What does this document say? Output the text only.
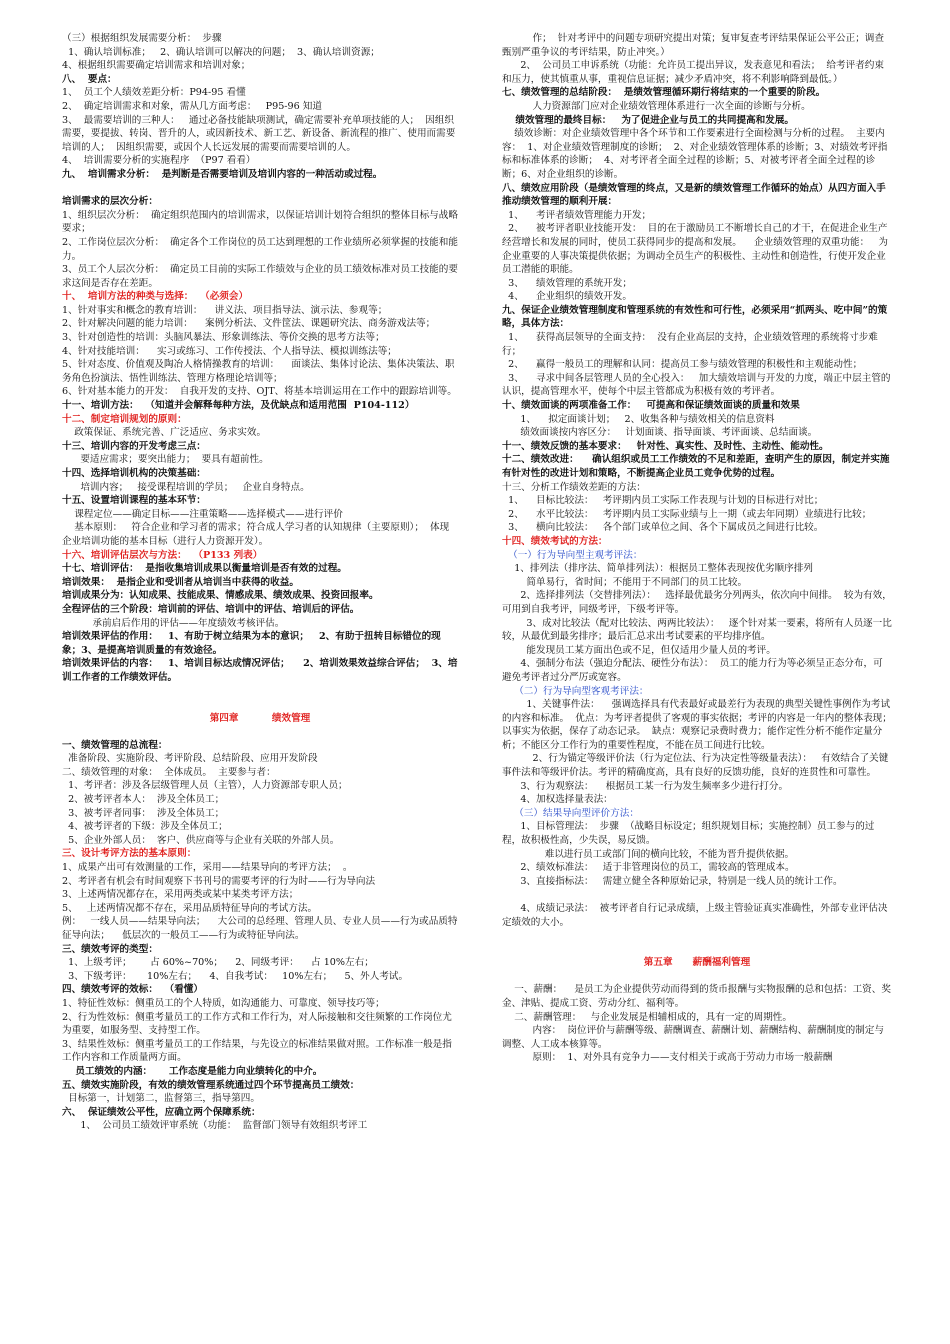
（三）根据组织发展需要分析：  步骤
1、确认培训标准；   2、确认培训可以解决的问题；  3、确认培训资源；
4、根据组织需要确定培训需求和培训对象；
八、  要点：
1、  员工个人绩效差距分析：P94-95 看懂
2、  确定培训需求和对象，需从几方面考虑：   P95-96 知道
3、  最需要培训的三种人：   通过必备技能缺项测试，确定需要补充单项技能的人；  因组织需要，要提拔、转岗、晋升的人，或因新技术、新工艺、新设备、新流程的推广、使用而需要培训的人；  因组织需要，或因个人长远发展的需要而需要培训的人。
4、  培训需要分析的实施程序  （P97 看看）
九、  培训需求分析：  是判断是否需要培训及培训内容的一种活动或过程。
培训需求的层次分析：
1、组织层次分析：  确定组织范围内的培训需求，以保证培训计划符合组织的整体目标与战略要求；
2、工作岗位层次分析：  确定各个工作岗位的员工达到理想的工作业绩所必须掌握的技能和能力。
3、员工个人层次分析：  确定员工目前的实际工作绩效与企业的员工绩效标准对员工技能的要求这间是否存在差距。
十、  培训方法的种类与选择：  （必须会）
1、针对事实和概念的教育培训：    讲义法、项目指导法、演示法、参观等；
2、针对解决问题的能力培训：    案例分析法、文件筐法、课题研究法、商务游戏法等；
3、针对创造性的培训：头脑风暴法、形象训练法、等价交换的思考方法等；
4、针对技能培训：    实习或练习、工作传授法、个人指导法、模拟训练法等；
5、针对态度、价值观及陶冶人格情操教育的培训：    面谈法、集体讨论法、集体决策法、职务角色扮演法、悟性训练法、管理方格理论培训等；
6、针对基本能力的开发：  自我开发的支持、OJT、将基本培训运用在工作中的跟踪培训等。
十一、培训方法：  （知道并会解释每种方法，及优缺点和适用范围  P104-112）
十二、制定培训规划的原则：
政策保证、系统完善、广泛适应、务求实效。
十三、培训内容的开发考虑三点：
要适应需求；要突出能力；  要具有超前性。
十四、选择培训机构的决策基础：
培训内容；   接受课程培训的学员；   企业自身特点。
十五、设置培训课程的基本环节：
课程定位——确定目标——注重策略——选择模式——进行评价
基本原则：   符合企业和学习者的需求；符合成人学习者的认知规律（主要原则）；  体现企业培训功能的基本目标（进行人力资源开发）。
十六、培训评估层次与方法：  （P133 列表）
十七、培训评估：  是指收集培训成果以衡量培训是否有效的过程。
培训效果：  是指企业和受训者从培训当中获得的收益。
培训成果分为：认知成果、技能成果、情感成果、绩效成果、投资回报率。
全程评估的三个阶段：培训前的评估、培训中的评估、培训后的评估。
承前启后作用的评估——年度绩效考核评估。
培训效果评估的作用：   1、有助于树立结果为本的意识；   2、有助于扭转目标错位的现象；3、是提高培训质量的有效途径。
培训效果评估的内容：   1、培训目标达成情况评估；    2、培训效果效益综合评估；  3、培训工作者的工作绩效评估。
第四章          绩效管理
一、绩效管理的总流程：
准备阶段、实施阶段、考评阶段、总结阶段、应用开发阶段
二、绩效管理的对象：  全体成员。  主要参与者：
1、考评者：涉及各层级管理人员（主管），人力资源部专职人员；
2、被考评者本人：  涉及全体员工；
3、被考评者同事：  涉及全体员工；
4、被考评者的下级：涉及全体员工；
5、企业外部人员：  客户、供应商等与企业有关联的外部人员。
三、设计考评方法的基本原则：
1、成果产出可有效测量的工作，采用——结果导向的考评方法；  。
2、考评者有机会有时间观察下书刊号的需要考评的行为时——行为导向法
3、上述两情况都存在，采用两类或某中某类考评方法；
5、   上述两情况都不存在，采用品质特征导向的考试方法。
例：   一线人员——结果导向法；    大公司的总经理、管理人员、专业人员——行为或品质特征导向法；    低层次的一般员工——行为或特征导向法。
三、绩效考评的类型：
1、上级考评；      占 60%~70%；    2、同级考评：    占 10%左右；
3、下级考评：     10%左右；    4、自我考试：   10%左右；    5、外人考试。
四、绩效考评的效标：  （看懂）
1、特征性效标：侧重员工的个人特质，如沟通能力、可靠度、领导技巧等；
2、行为性效标：侧重考量员工的工作方式和工作行为，对人际接触和交往频繁的工作岗位尤为重要，如服务型、支持型工作。
3、结果性效标：侧重考量员工的工作结果，与先设立的标准结果做对照。工作标准一般是指工作内容和工作质量两方面。
员工绩效的内涵：     工作态度是能力向业绩转化的中介。
五、绩效实施阶段，有效的绩效管理系统通过四个环节提高员工绩效：
目标第一，计划第二，监督第三，指导第四。
六、  保证绩效公平性，应确立两个保障系统：
1、  公司员工绩效评审系统（功能：  监督部门领导有效组织考评工
作；  针对考评中的问题专项研究提出对策；复审复查考评结果保证公平公正；调查甄别严重争议的考评结果，防止冲突。）
2、  公司员工申诉系统（功能：允许员工提出异议，发表意见和看法；  给考评者约束和压力，使其慎重从事，重视信息证据；减少矛盾冲突，将不利影响降到最低。）
七、绩效管理的总结阶段：  是绩效管理循环期行将结束的一个重要的阶段。
人力资源部门应对企业绩效管理体系进行一次全面的诊断与分析。
绩效管理的最终目标：   为了促进企业与员工的共同提高和发展。
绩效诊断：对企业绩效管理中各个环节和工作要素进行全面检测与分析的过程。  主要内容：  1、对企业绩效管理制度的诊断；  2、对企业绩效管理体系的诊断；3、对绩效考评指标和标准体系的诊断；  4、对考评者全面全过程的诊断；5、对被考评者全面全过程的诊断；6、对企业组织的诊断。
八、绩效应用阶段（是绩效管理的终点，又是新的绩效管理工作循环的始点）从四方面入手推动绩效管理的顺利开展：
1、    考评者绩效管理能力开发；
2、    被考评者职业技能开发：  目的在于激励员工不断增长自己的才干，在促进企业生产经营增长和发展的同时，使员工获得同步的提高和发展。    企业绩效管理的双重功能：   为企业重要的人事决策提供依据；为调动全员生产的积极性、主动性和创造性，行使开发企业员工潜能的职能。
3、    绩效管理的系统开发；
4、    企业组织的绩效开发。
九、保证企业绩效管理制度和管理系统的有效性和可行性，必须采用“抓两头、吃中间”的策略，具体方法：
1、    获得高层领导的全面支持：  没有企业高层的支持，企业绩效管理的系统将寸步难行；
2、    赢得一般员工的理解和认同：提高员工参与绩效管理的积极性和主观能动性；
3、    寻求中间各层管理人员的全心投入：   加大绩效培训与开发的力度，端正中层主管的认识，提高管理水平，使每个中层主管都成为积极有效的考评者。
十、绩效面谈的两项准备工作：   可提高和保证绩效面谈的质量和效果
1、    拟定面谈计划；   2、收集各种与绩效相关的信息资料
绩效面谈按内容区分：   计划面谈、指导面谈、考评面谈、总结面谈。
十一、绩效反馈的基本要求：   针对性、真实性、及时性、主动性、能动性。
十二、绩效改进：    确认组织或员工工作绩效的不足和差距，查明产生的原因，制定并实施有针对性的改进计划和策略，不断提高企业员工竞争优势的过程。
十三、分析工作绩效差距的方法：
1、    目标比较法：   考评期内员工实际工作表现与计划的目标进行对比；
2、    水平比较法：   考评期内员工实际业绩与上一期（或去年同期）业绩进行比较；
3、    横向比较法：   各个部门或单位之间、各个下属成员之间进行比较。
十四、绩效考试的方法：
（一）行为导向型主观考评法：
1、排列法（排序法、简单排列法）：根据员工整体表现按优劣顺序排列
简单易行，省时间；不能用于不同部门的员工比较。
2、选择排列法（交替排列法）：   选择最优最劣分列两头，依次向中间排。  较为有效，可用到自我考评，同级考评，下级考评等。
3、成对比较法（配对比较法、两两比较法）：   逐个针对某一要素，将所有人员逐一比较，从最优到最劣排序；最后汇总求出考试要素的平均排序值。
能发现员工某方面出色或不足，但仅适用少量人员的考评。
4、强制分布法（强迫分配法、硬性分布法）：  员工的能力行为等必须呈正态分布，可避免考评者过分严厉或宽容。
（二）行为导向型客观考评法：
1、关键事件法：    强调选择具有代表最好或最差行为表现的典型关键性事例作为考试的内容和标准。  优点：为考评者提供了客观的事实依据；考评的内容是一年内的整体表现；以事实为依据，保存了动态记录。  缺点：观察记录费时费力；能作定性分析不能作定量分析；不能区分工作行为的重要性程度，不能在员工间进行比较。
2、行为锚定等级评价法（行为定位法、行为决定性等级量表法）：   有效结合了关键事件法和等级评价法。考评的精确度高，具有良好的反馈功能，良好的连贯性和可靠性。
3、行为观察法：    根据员工某一行为发生频率多少进行打分。
4、加权选择量表法：
（三）结果导向型评价方法：
1、目标管理法：  步骤  （战略目标设定；组织规划目标；实施控制）员工参与的过程，故积极性高，少失误，易反馈。
难以进行员工或部门间的横向比较，不能为晋升提供依据。
2、绩效标准法：   适于非管理岗位的员工，需较高的管理成本。
3、直接指标法：   需建立健全各种原始记录，特别是一线人员的统计工作。
4、成绩记录法：  被考评者自行记录成绩，上级主管验证真实准确性，外部专业评估决定绩效的大小。
第五章      薪酬福利管理
一、薪酬：    是员工为企业提供劳动而得到的货币报酬与实物报酬的总和包括：工资、奖金、津贴、提成工资、劳动分红、福利等。
二、薪酬管理：   与企业发展是相辅相成的，具有一定的周期性。
内容：  岗位评价与薪酬等级、薪酬调查、薪酬计划、薪酬结构、薪酬制度的制定与调整、人工成本核算等。
原则：  1、对外具有竞争力——支付相关于或高于劳动力市场一般薪酬
